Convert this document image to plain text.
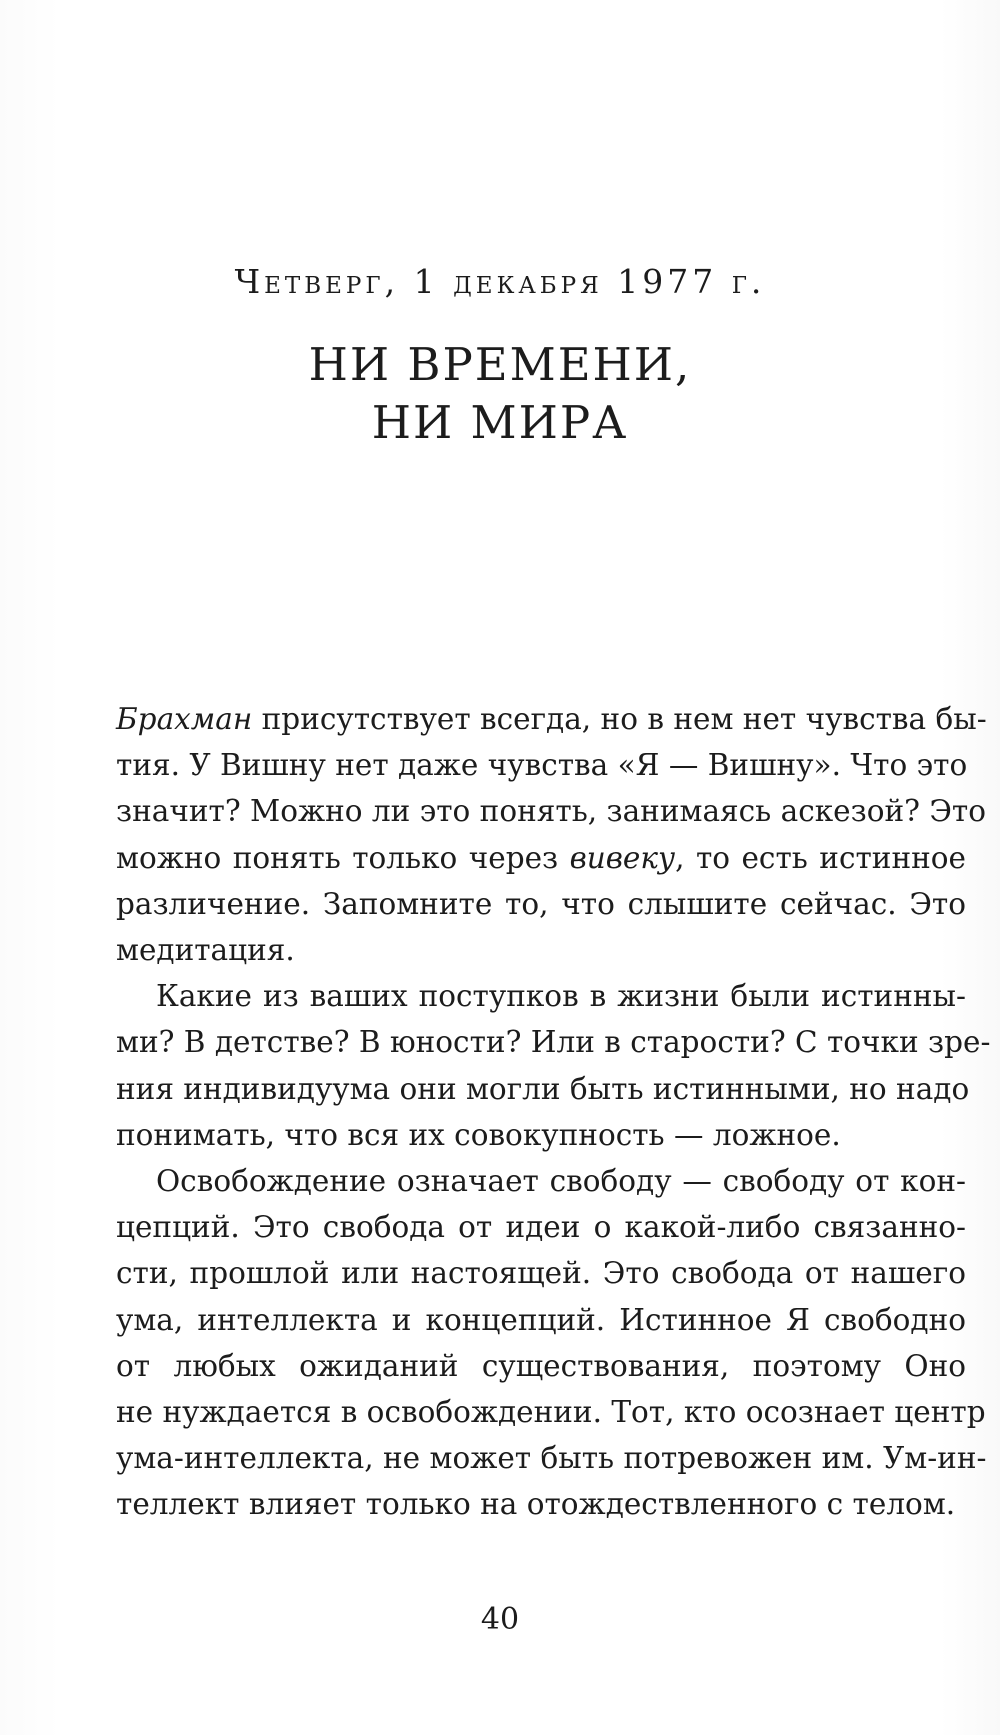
Четверг, 1 декабря 1977 г.
НИ ВРЕМЕНИ,
НИ МИРА
Брахман присутствует всегда, но в нем нет чувства бы-
тия. У Вишну нет даже чувства «Я — Вишну». Что это
значит? Можно ли это понять, занимаясь аскезой? Это
можно понять только через вивеку, то есть истинное
различение. Запомните то, что слышите сейчас. Это
медитация.
Какие из ваших поступков в жизни были истинны-
ми? В детстве? В юности? Или в старости? С точки зре-
ния индивидуума они могли быть истинными, но надо
понимать, что вся их совокупность — ложное.
Освобождение означает свободу — свободу от кон-
цепций. Это свобода от идеи о какой-либо связанно-
сти, прошлой или настоящей. Это свобода от нашего
ума, интеллекта и концепций. Истинное Я свободно
от любых ожиданий существования, поэтому Оно
не нуждается в освобождении. Тот, кто осознает центр
ума-интеллекта, не может быть потревожен им. Ум-ин-
теллект влияет только на отождествленного с телом.
40
